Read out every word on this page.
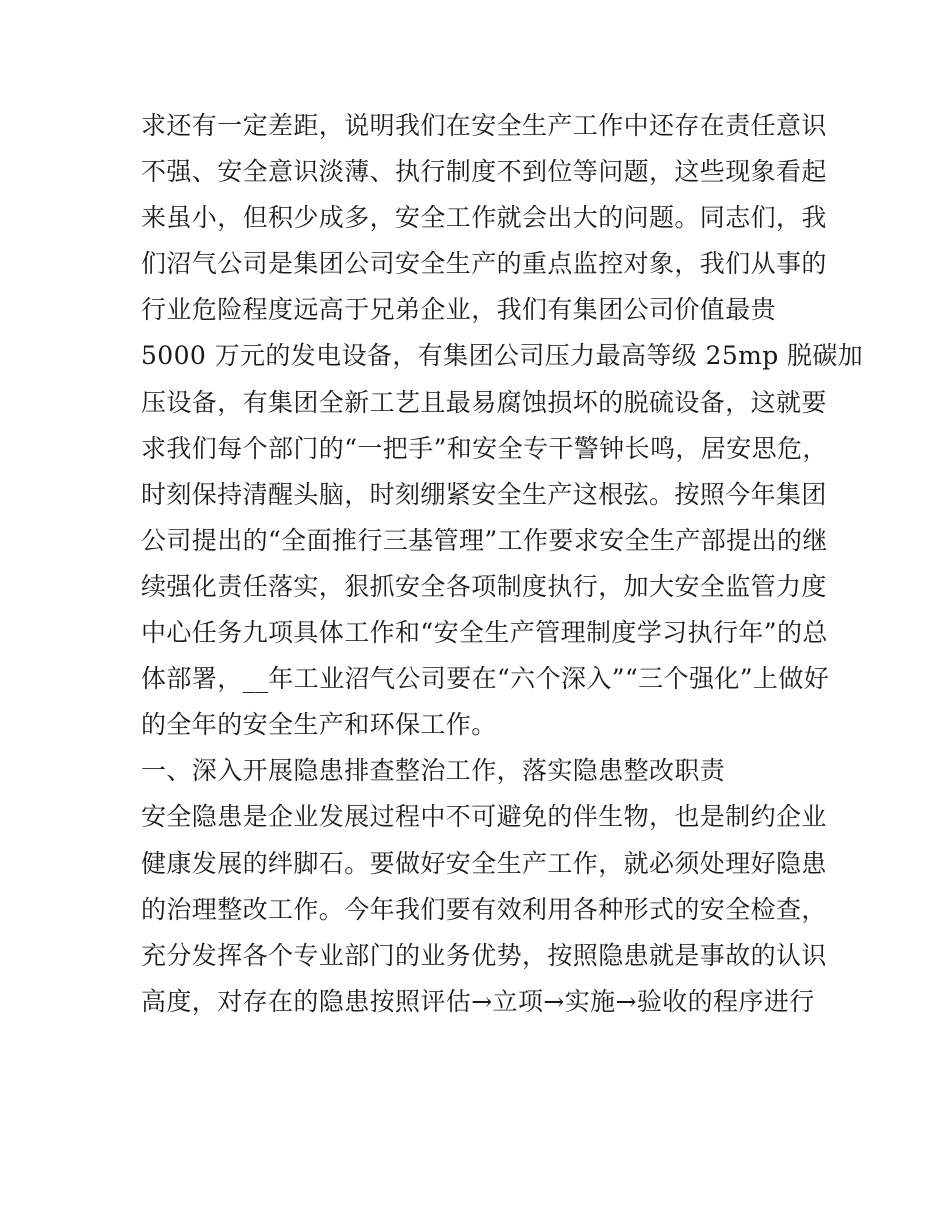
求还有一定差距，说明我们在安全生产工作中还存在责任意识
不强、安全意识淡薄、执行制度不到位等问题，这些现象看起
来虽小，但积少成多，安全工作就会出大的问题。同志们，我
们沼气公司是集团公司安全生产的重点监控对象，我们从事的
行业危险程度远高于兄弟企业，我们有集团公司价值最贵
5000 万元的发电设备，有集团公司压力最高等级 25mp 脱碳加
压设备，有集团全新工艺且最易腐蚀损坏的脱硫设备，这就要
求我们每个部门的“一把手”和安全专干警钟长鸣，居安思危，
时刻保持清醒头脑，时刻绷紧安全生产这根弦。按照今年集团
公司提出的“全面推行三基管理”工作要求安全生产部提出的继
续强化责任落实，狠抓安全各项制度执行，加大安全监管力度
中心任务九项具体工作和“安全生产管理制度学习执行年”的总
体部署，__年工业沼气公司要在“六个深入”“三个强化”上做好
的全年的安全生产和环保工作。
一、深入开展隐患排查整治工作，落实隐患整改职责
安全隐患是企业发展过程中不可避免的伴生物，也是制约企业
健康发展的绊脚石。要做好安全生产工作，就必须处理好隐患
的治理整改工作。今年我们要有效利用各种形式的安全检查，
充分发挥各个专业部门的业务优势，按照隐患就是事故的认识
高度，对存在的隐患按照评估→立项→实施→验收的程序进行
